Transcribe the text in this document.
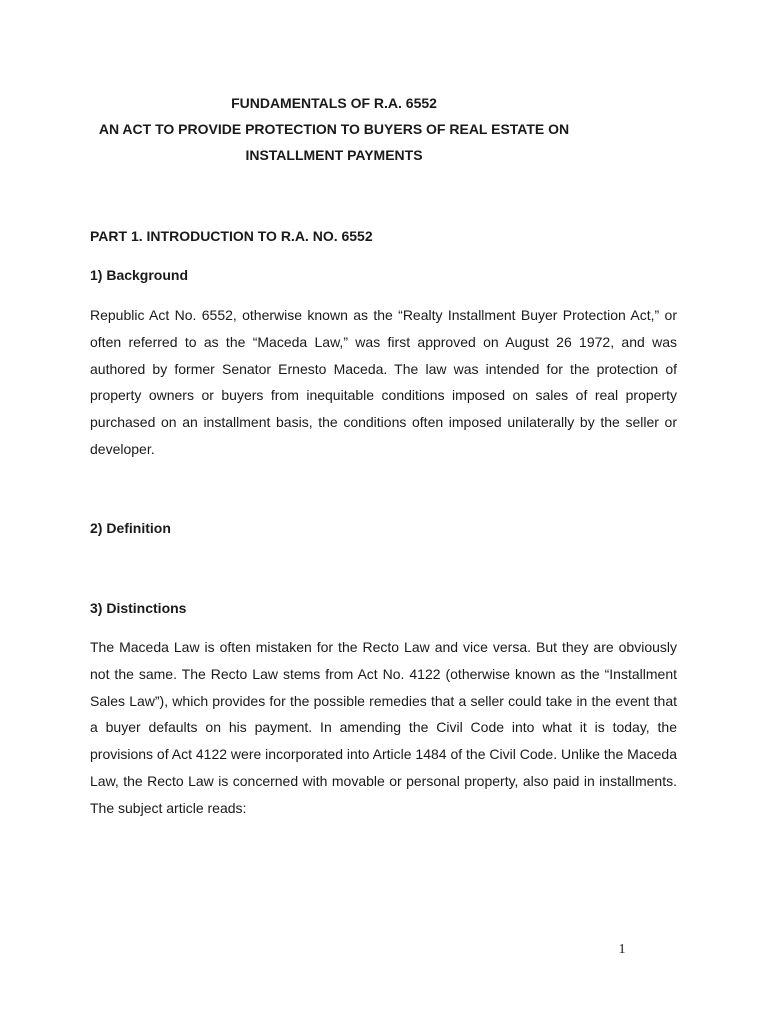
FUNDAMENTALS OF R.A. 6552
AN ACT TO PROVIDE PROTECTION TO BUYERS OF REAL ESTATE ON
INSTALLMENT PAYMENTS
PART 1. INTRODUCTION TO R.A. NO. 6552
1) Background
Republic Act No. 6552, otherwise known as the “Realty Installment Buyer Protection Act,” or often referred to as the “Maceda Law,” was first approved on August 26 1972, and was authored by former Senator Ernesto Maceda. The law was intended for the protection of property owners or buyers from inequitable conditions imposed on sales of real property purchased on an installment basis, the conditions often imposed unilaterally by the seller or developer.
2) Definition
3) Distinctions
The Maceda Law is often mistaken for the Recto Law and vice versa. But they are obviously not the same. The Recto Law stems from Act No. 4122 (otherwise known as the “Installment Sales Law”), which provides for the possible remedies that a seller could take in the event that a buyer defaults on his payment. In amending the Civil Code into what it is today, the provisions of Act 4122 were incorporated into Article 1484 of the Civil Code. Unlike the Maceda Law, the Recto Law is concerned with movable or personal property, also paid in installments. The subject article reads:
1
